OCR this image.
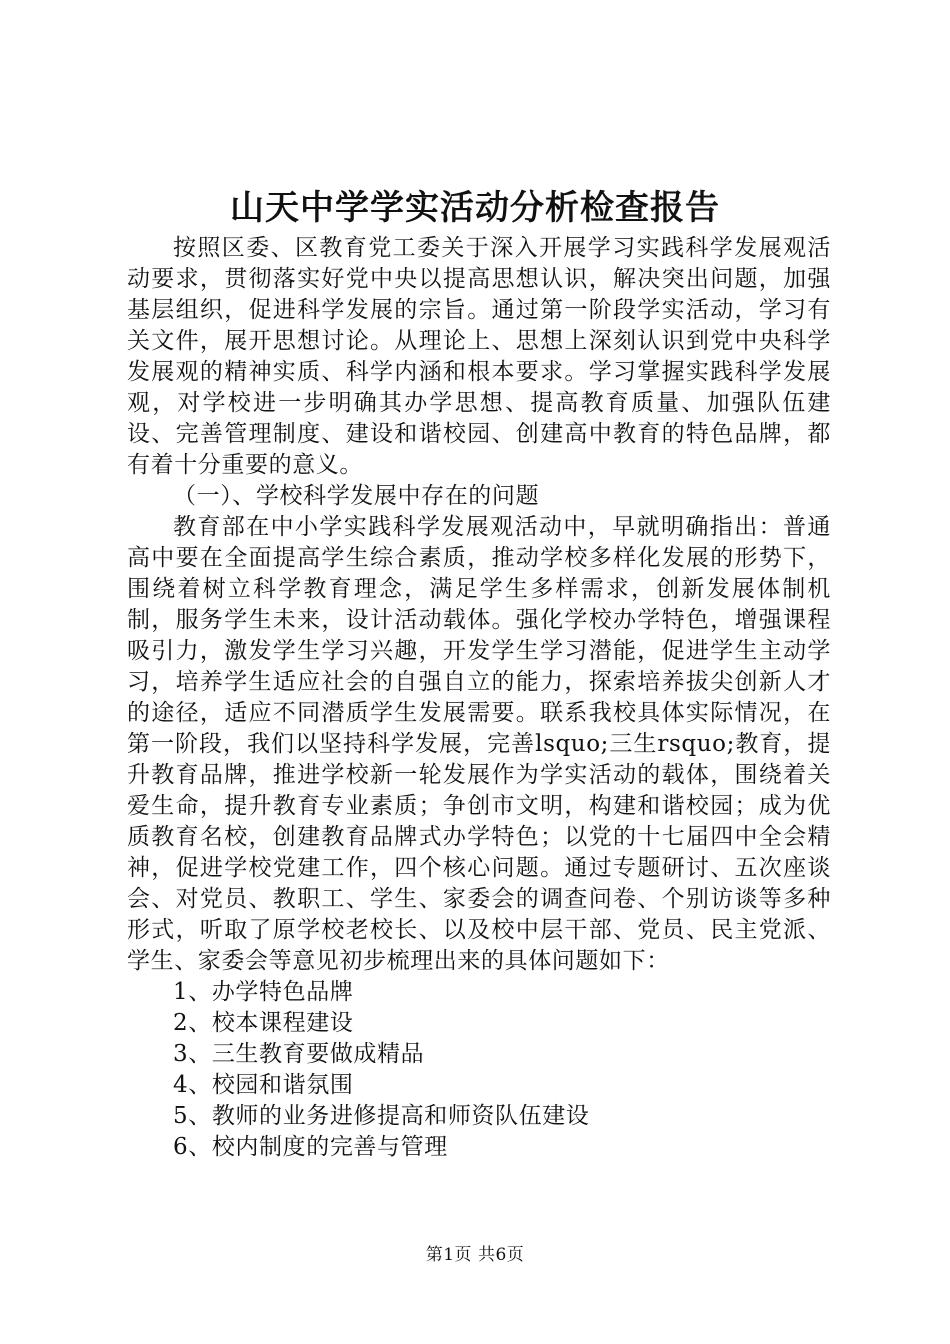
山天中学学实活动分析检查报告

按照区委、区教育党工委关于深入开展学习实践科学发展观活动要求，贯彻落实好党中央以提高思想认识，解决突出问题，加强基层组织，促进科学发展的宗旨。通过第一阶段学实活动，学习有关文件，展开思想讨论。从理论上、思想上深刻认识到党中央科学发展观的精神实质、科学内涵和根本要求。学习掌握实践科学发展观，对学校进一步明确其办学思想、提高教育质量、加强队伍建设、完善管理制度、建设和谐校园、创建高中教育的特色品牌，都有着十分重要的意义。

（一）、学校科学发展中存在的问题

教育部在中小学实践科学发展观活动中，早就明确指出：普通高中要在全面提高学生综合素质，推动学校多样化发展的形势下，围绕着树立科学教育理念，满足学生多样需求，创新发展体制机制，服务学生未来，设计活动载体。强化学校办学特色，增强课程吸引力，激发学生学习兴趣，开发学生学习潜能，促进学生主动学习，培养学生适应社会的自强自立的能力，探索培养拔尖创新人才的途径，适应不同潜质学生发展需要。联系我校具体实际情况，在第一阶段，我们以坚持科学发展，完善lsquo;三生rsquo;教育，提升教育品牌，推进学校新一轮发展作为学实活动的载体，围绕着关爱生命，提升教育专业素质；争创市文明，构建和谐校园；成为优质教育名校，创建教育品牌式办学特色；以党的十七届四中全会精神，促进学校党建工作，四个核心问题。通过专题研讨、五次座谈会、对党员、教职工、学生、家委会的调查问卷、个别访谈等多种形式，听取了原学校老校长、以及校中层干部、党员、民主党派、学生、家委会等意见初步梳理出来的具体问题如下：

1、办学特色品牌
2、校本课程建设
3、三生教育要做成精品
4、校园和谐氛围
5、教师的业务进修提高和师资队伍建设
6、校内制度的完善与管理
第1页 共6页
